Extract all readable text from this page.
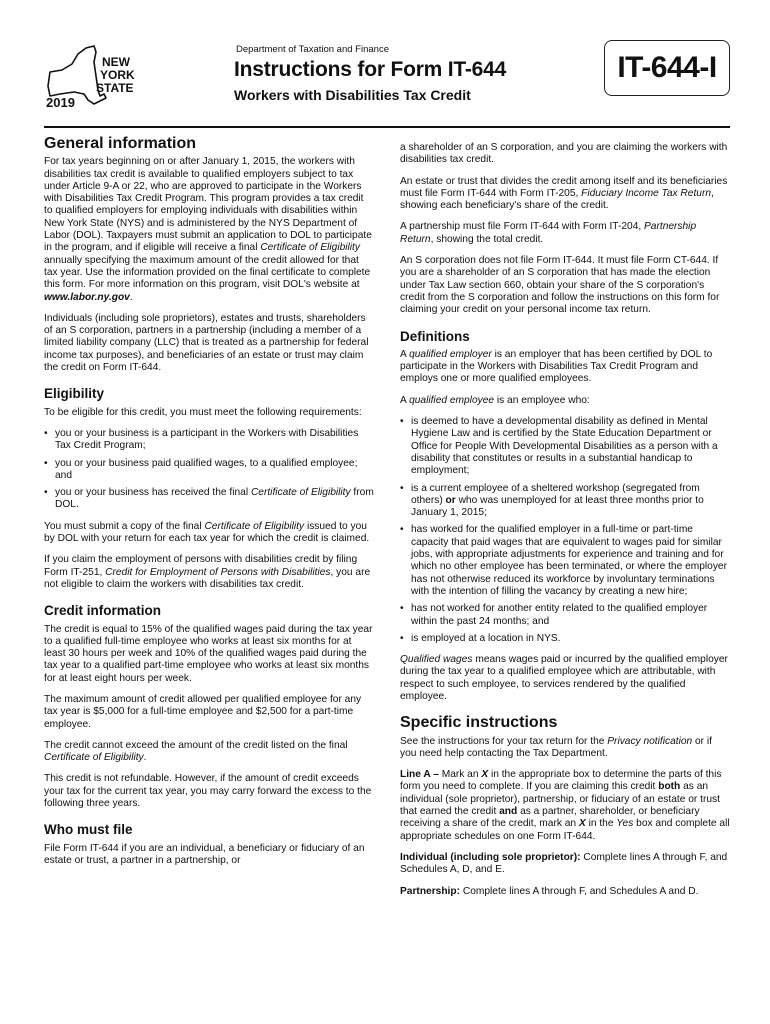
NEW
YORK
STATE
2019
Department of Taxation and Finance
Instructions for Form IT-644
Workers with Disabilities Tax Credit
IT-644-I
General information

For tax years beginning on or after January 1, 2015, the workers with disabilities tax credit is available to qualified employers subject to tax under Article 9-A or 22, who are approved to participate in the Workers with Disabilities Tax Credit Program. This program provides a tax credit to qualified employers for employing individuals with disabilities within New York State (NYS) and is administered by the NYS Department of Labor (DOL). Taxpayers must submit an application to DOL to participate in the program, and if eligible will receive a final Certificate of Eligibility annually specifying the maximum amount of the credit allowed for that tax year. Use the information provided on the final certificate to complete this form. For more information on this program, visit DOL's website at www.labor.ny.gov.

Individuals (including sole proprietors), estates and trusts, shareholders of an S corporation, partners in a partnership (including a member of a limited liability company (LLC) that is treated as a partnership for federal income tax purposes), and beneficiaries of an estate or trust may claim the credit on Form IT-644.

Eligibility

To be eligible for this credit, you must meet the following requirements:

• you or your business is a participant in the Workers with Disabilities Tax Credit Program;
• you or your business paid qualified wages, to a qualified employee; and
• you or your business has received the final Certificate of Eligibility from DOL.

You must submit a copy of the final Certificate of Eligibility issued to you by DOL with your return for each tax year for which the credit is claimed.

If you claim the employment of persons with disabilities credit by filing Form IT-251, Credit for Employment of Persons with Disabilities, you are not eligible to claim the workers with disabilities tax credit.

Credit information

The credit is equal to 15% of the qualified wages paid during the tax year to a qualified full-time employee who works at least six months for at least 30 hours per week and 10% of the qualified wages paid during the tax year to a qualified part-time employee who works at least six months for at least eight hours per week.

The maximum amount of credit allowed per qualified employee for any tax year is $5,000 for a full-time employee and $2,500 for a part-time employee.

The credit cannot exceed the amount of the credit listed on the final Certificate of Eligibility.

This credit is not refundable. However, if the amount of credit exceeds your tax for the current tax year, you may carry forward the excess to the following three years.

Who must file

File Form IT-644 if you are an individual, a beneficiary or fiduciary of an estate or trust, a partner in a partnership, or

a shareholder of an S corporation, and you are claiming the workers with disabilities tax credit.

An estate or trust that divides the credit among itself and its beneficiaries must file Form IT-644 with Form IT-205, Fiduciary Income Tax Return, showing each beneficiary's share of the credit.

A partnership must file Form IT-644 with Form IT-204, Partnership Return, showing the total credit.

An S corporation does not file Form IT-644. It must file Form CT-644. If you are a shareholder of an S corporation that has made the election under Tax Law section 660, obtain your share of the S corporation's credit from the S corporation and follow the instructions on this form for claiming your credit on your personal income tax return.

Definitions

A qualified employer is an employer that has been certified by DOL to participate in the Workers with Disabilities Tax Credit Program and employs one or more qualified employees.

A qualified employee is an employee who:

• is deemed to have a developmental disability as defined in Mental Hygiene Law and is certified by the State Education Department or Office for People With Developmental Disabilities as a person with a disability that constitutes or results in a substantial handicap to employment;
• is a current employee of a sheltered workshop (segregated from others) or who was unemployed for at least three months prior to January 1, 2015;
• has worked for the qualified employer in a full-time or part-time capacity that paid wages that are equivalent to wages paid for similar jobs, with appropriate adjustments for experience and training and for which no other employee has been terminated, or where the employer has not otherwise reduced its workforce by involuntary terminations with the intention of filling the vacancy by creating a new hire;
• has not worked for another entity related to the qualified employer within the past 24 months; and
• is employed at a location in NYS.

Qualified wages means wages paid or incurred by the qualified employer during the tax year to a qualified employee which are attributable, with respect to such employee, to services rendered by the qualified employee.

Specific instructions

See the instructions for your tax return for the Privacy notification or if you need help contacting the Tax Department.

Line A – Mark an X in the appropriate box to determine the parts of this form you need to complete. If you are claiming this credit both as an individual (sole proprietor), partnership, or fiduciary of an estate or trust that earned the credit and as a partner, shareholder, or beneficiary receiving a share of the credit, mark an X in the Yes box and complete all appropriate schedules on one Form IT-644.

Individual (including sole proprietor): Complete lines A through F, and Schedules A, D, and E.

Partnership: Complete lines A through F, and Schedules A and D.
